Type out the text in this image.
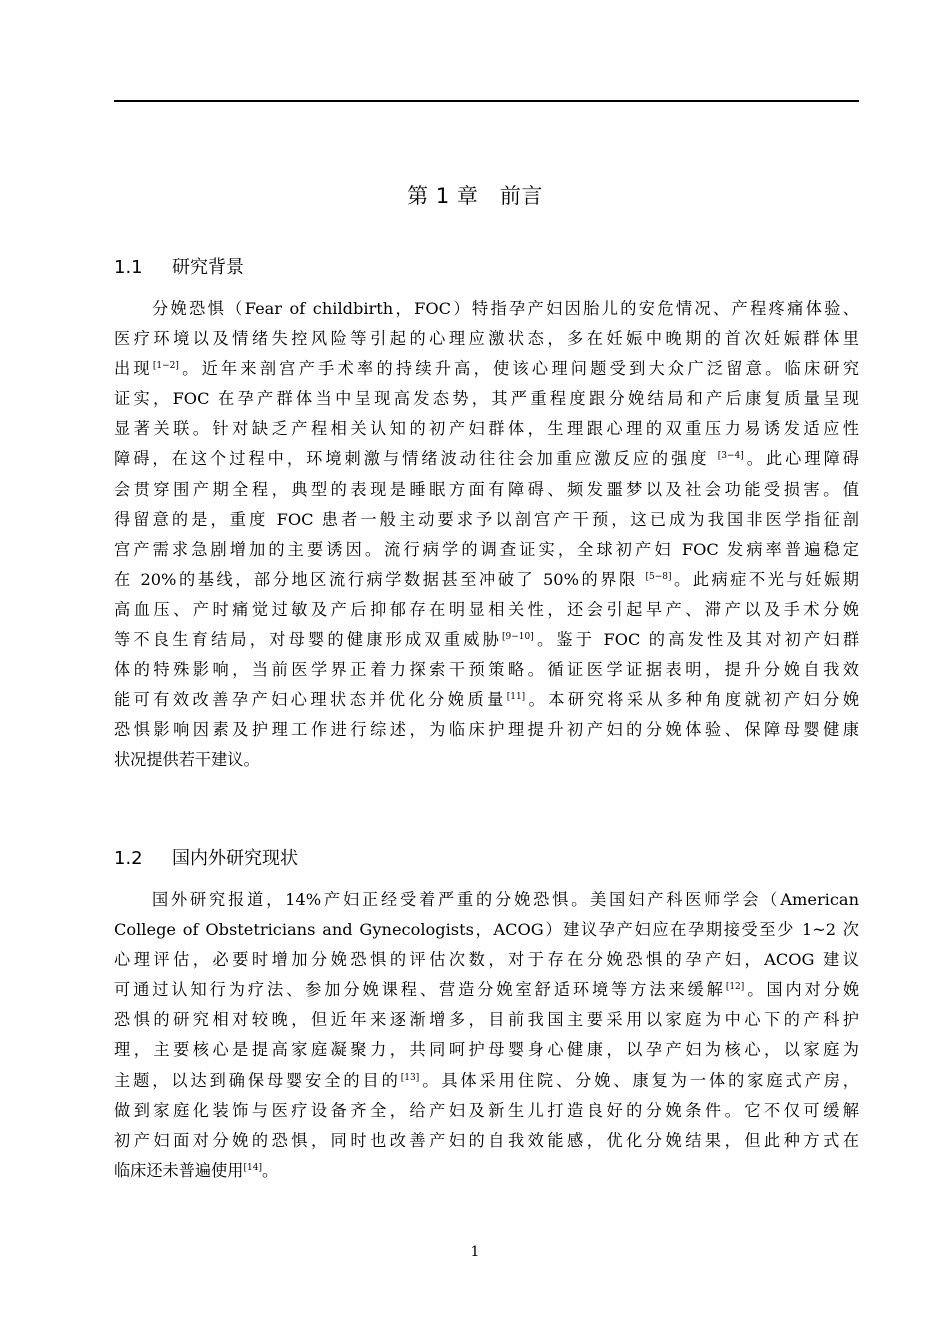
第 1 章　前言
1.1 研究背景
分娩恐惧（Fear of childbirth，FOC）特指孕产妇因胎儿的安危情况、产程疼痛体验、
医疗环境以及情绪失控风险等引起的心理应激状态，多在妊娠中晚期的首次妊娠群体里
出现[1−2]。近年来剖宫产手术率的持续升高，使该心理问题受到大众广泛留意。临床研究
证实，FOC 在孕产群体当中呈现高发态势，其严重程度跟分娩结局和产后康复质量呈现
显著关联。针对缺乏产程相关认知的初产妇群体，生理跟心理的双重压力易诱发适应性
障碍，在这个过程中，环境刺激与情绪波动往往会加重应激反应的强度 [3−4]。此心理障碍
会贯穿围产期全程，典型的表现是睡眠方面有障碍、频发噩梦以及社会功能受损害。值
得留意的是，重度 FOC 患者一般主动要求予以剖宫产干预，这已成为我国非医学指征剖
宫产需求急剧增加的主要诱因。流行病学的调查证实，全球初产妇 FOC 发病率普遍稳定
在 20%的基线，部分地区流行病学数据甚至冲破了 50%的界限 [5−8]。此病症不光与妊娠期
高血压、产时痛觉过敏及产后抑郁存在明显相关性，还会引起早产、滞产以及手术分娩
等不良生育结局，对母婴的健康形成双重威胁[9−10]。鉴于 FOC 的高发性及其对初产妇群
体的特殊影响，当前医学界正着力探索干预策略。循证医学证据表明，提升分娩自我效
能可有效改善孕产妇心理状态并优化分娩质量[11]。本研究将采从多种角度就初产妇分娩
恐惧影响因素及护理工作进行综述，为临床护理提升初产妇的分娩体验、保障母婴健康
状况提供若干建议。
1.2 国内外研究现状
国外研究报道，14%产妇正经受着严重的分娩恐惧。美国妇产科医师学会（American
College of Obstetricians and Gynecologists，ACOG）建议孕产妇应在孕期接受至少 1~2 次
心理评估，必要时增加分娩恐惧的评估次数，对于存在分娩恐惧的孕产妇，ACOG 建议
可通过认知行为疗法、参加分娩课程、营造分娩室舒适环境等方法来缓解[12]。国内对分娩
恐惧的研究相对较晚，但近年来逐渐增多，目前我国主要采用以家庭为中心下的产科护
理，主要核心是提高家庭凝聚力，共同呵护母婴身心健康，以孕产妇为核心，以家庭为
主题，以达到确保母婴安全的目的[13]。具体采用住院、分娩、康复为一体的家庭式产房，
做到家庭化装饰与医疗设备齐全，给产妇及新生儿打造良好的分娩条件。它不仅可缓解
初产妇面对分娩的恐惧，同时也改善产妇的自我效能感，优化分娩结果，但此种方式在
临床还未普遍使用[14]。
1
